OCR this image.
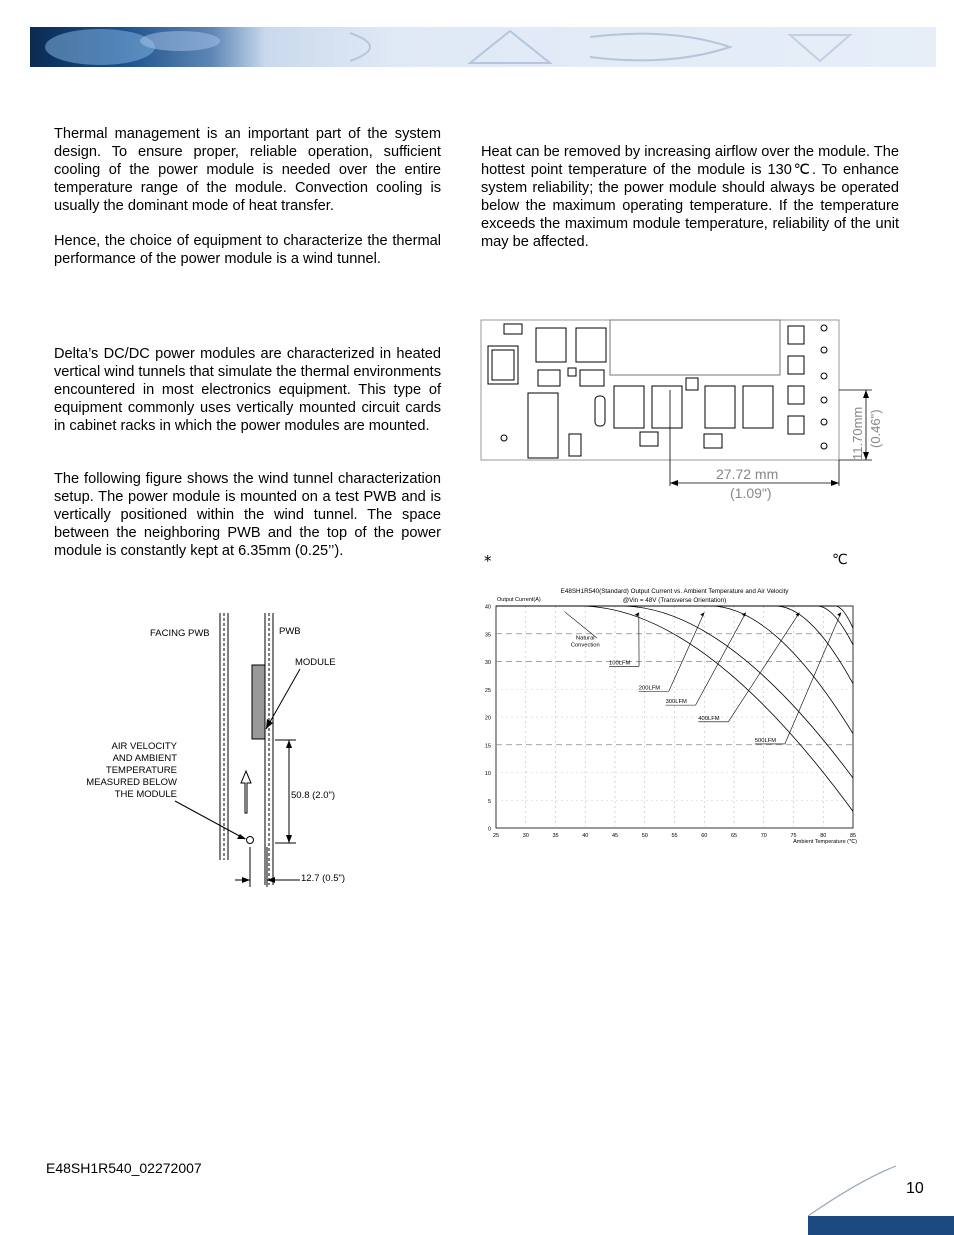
Thermal management is an important part of the system design. To ensure proper, reliable operation, sufficient cooling of the power module is needed over the entire temperature range of the module. Convection cooling is usually the dominant mode of heat transfer.

Hence, the choice of equipment to characterize the thermal performance of the power module is a wind tunnel.

Delta’s DC/DC power modules are characterized in heated vertical wind tunnels that simulate the thermal environments encountered in most electronics equipment. This type of equipment commonly uses vertically mounted circuit cards in cabinet racks in which the power modules are mounted.

The following figure shows the wind tunnel characterization setup. The power module is mounted on a test PWB and is vertically positioned within the wind tunnel. The space between the neighboring PWB and the top of the power module is constantly kept at 6.35mm (0.25’’).

Heat can be removed by increasing airflow over the module. The hottest point temperature of the module is 130℃. To enhance system reliability; the power module should always be operated below the maximum operating temperature. If the temperature exceeds the maximum module temperature, reliability of the unit may be affected.

FACING PWB	PWB
MODULE
AIR VELOCITY
AND AMBIENT
TEMPERATURE
MEASURED BELOW
THE MODULE	50.8 (2.0")
12.7 (0.5")
27.72 mm
(1.09")
11.70mm (0.46")
*	℃
0
5
10
15
20
25
30
35
40
25	30	35	40	45	50	55	60	65	70	75	80	85
E48SH1R540(Standard) Output Current vs. Ambient Temperature and Air Velocity
@Vin = 48V (Transverse Orientation)
Output Current(A)
Ambient Temperature (℃)
Natural
Convection
100LFM
200LFM
300LFM
400LFM
500LFM
E48SH1R540_02272007
10
